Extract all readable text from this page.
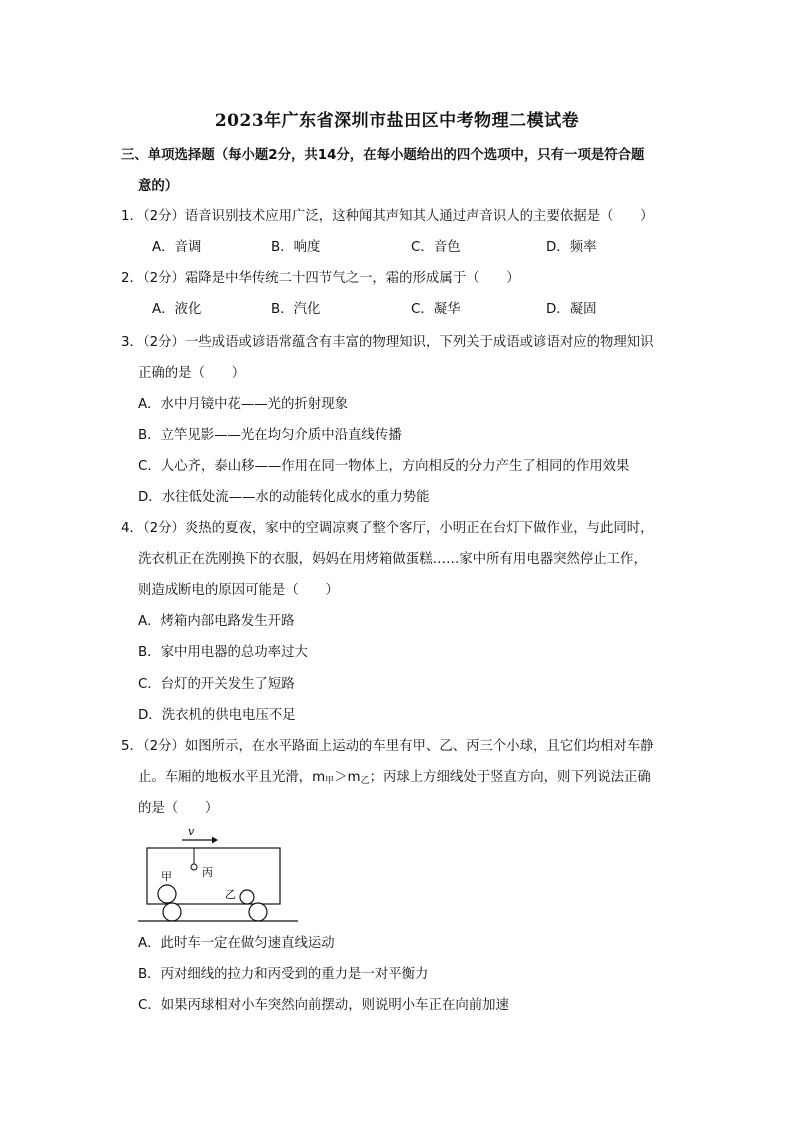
2023年广东省深圳市盐田区中考物理二模试卷
三、单项选择题（每小题2分，共14分，在每小题给出的四个选项中，只有一项是符合题
意的）
1．（2分）语音识别技术应用广泛，这种闻其声知其人通过声音识人的主要依据是（　　）
A．音调	B．响度	C．音色	D．频率
2．（2分）霜降是中华传统二十四节气之一，霜的形成属于（　　）
A．液化	B．汽化	C．凝华	D．凝固
3．（2分）一些成语或谚语常蕴含有丰富的物理知识，下列关于成语或谚语对应的物理知识
正确的是（　　）
A．水中月镜中花——光的折射现象
B．立竿见影——光在均匀介质中沿直线传播
C．人心齐，泰山移——作用在同一物体上，方向相反的分力产生了相同的作用效果
D．水往低处流——水的动能转化成水的重力势能
4．（2分）炎热的夏夜，家中的空调凉爽了整个客厅，小明正在台灯下做作业，与此同时，
洗衣机正在洗刚换下的衣服，妈妈在用烤箱做蛋糕……家中所有用电器突然停止工作，
则造成断电的原因可能是（　　）
A．烤箱内部电路发生开路
B．家中用电器的总功率过大
C．台灯的开关发生了短路
D．洗衣机的供电电压不足
5．（2分）如图所示，在水平路面上运动的车里有甲、乙、丙三个小球，且它们均相对车静
止。车厢的地板水平且光滑，$m_甲>m_乙$；丙球上方细线处于竖直方向，则下列说法正确
的是（　　）
v
丙
甲
乙
A．此时车一定在做匀速直线运动
B．丙对细线的拉力和丙受到的重力是一对平衡力
C．如果丙球相对小车突然向前摆动，则说明小车正在向前加速
